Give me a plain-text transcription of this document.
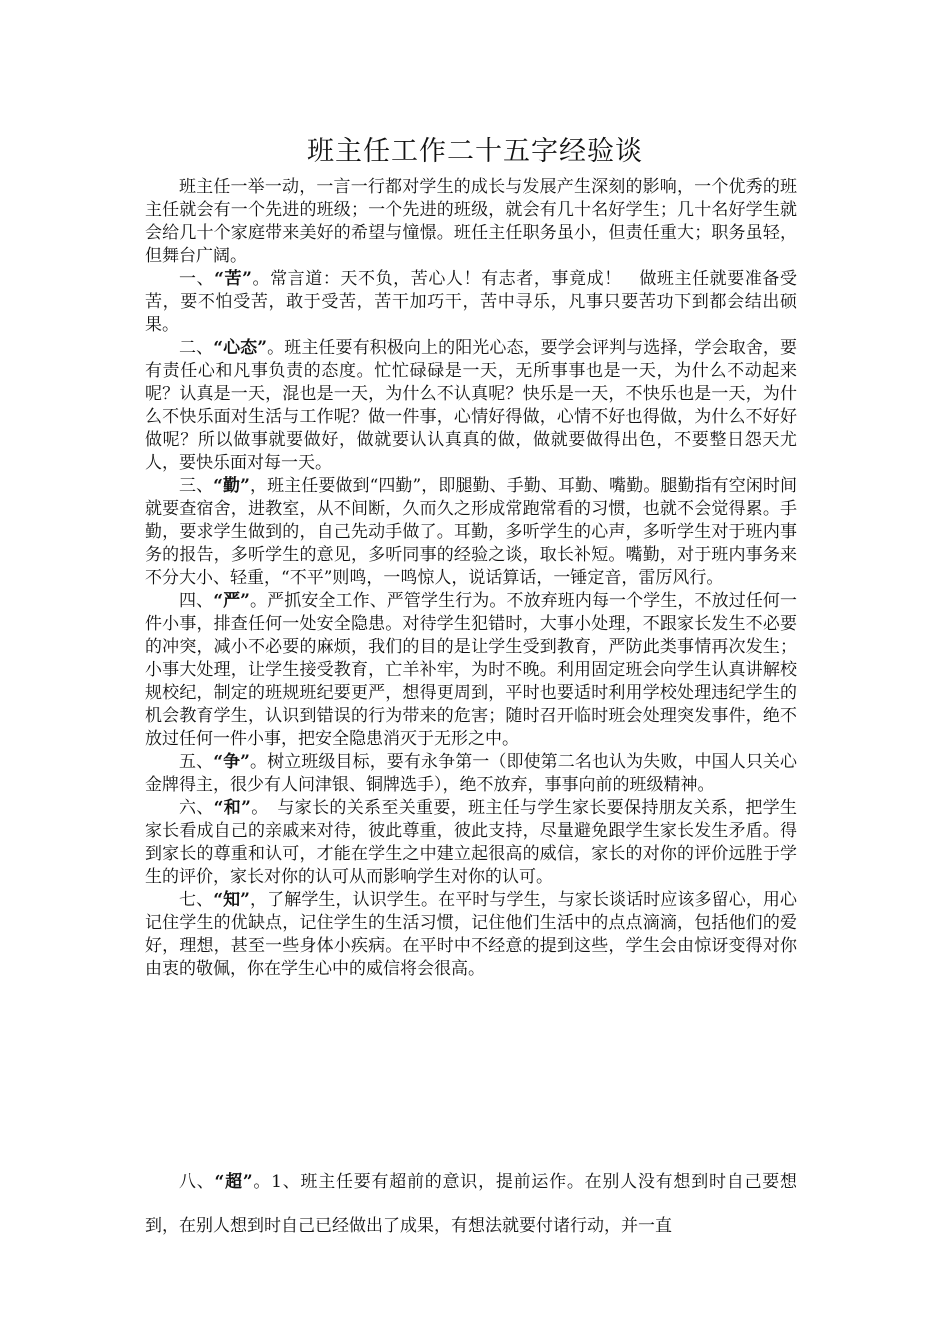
班主任工作二十五字经验谈

班主任一举一动，一言一行都对学生的成长与发展产生深刻的影响，一个优秀的班主任就会有一个先进的班级；一个先进的班级，就会有几十名好学生；几十名好学生就会给几十个家庭带来美好的希望与憧憬。班任主任职务虽小，但责任重大；职务虽轻，但舞台广阔。

一、“苦”。常言道：天不负，苦心人！有志者，事竟成！　做班主任就要准备受苦，要不怕受苦，敢于受苦，苦干加巧干，苦中寻乐，凡事只要苦功下到都会结出硕果。

二、“心态”。班主任要有积极向上的阳光心态，要学会评判与选择，学会取舍，要有责任心和凡事负责的态度。忙忙碌碌是一天，无所事事也是一天，为什么不动起来呢？认真是一天，混也是一天，为什么不认真呢？快乐是一天，不快乐也是一天，为什么不快乐面对生活与工作呢？做一件事，心情好得做，心情不好也得做，为什么不好好做呢？所以做事就要做好，做就要认认真真的做，做就要做得出色，不要整日怨天尤人，要快乐面对每一天。

三、“勤”，班主任要做到“四勤”，即腿勤、手勤、耳勤、嘴勤。腿勤指有空闲时间就要查宿舍，进教室，从不间断，久而久之形成常跑常看的习惯，也就不会觉得累。手勤，要求学生做到的，自己先动手做了。耳勤，多听学生的心声，多听学生对于班内事务的报告，多听学生的意见，多听同事的经验之谈，取长补短。嘴勤，对于班内事务来不分大小、轻重，“不平”则鸣，一鸣惊人，说话算话，一锤定音，雷厉风行。

四、“严”。严抓安全工作、严管学生行为。不放弃班内每一个学生，不放过任何一件小事，排查任何一处安全隐患。对待学生犯错时，大事小处理，不跟家长发生不必要的冲突，减小不必要的麻烦，我们的目的是让学生受到教育，严防此类事情再次发生；小事大处理，让学生接受教育，亡羊补牢，为时不晚。利用固定班会向学生认真讲解校规校纪，制定的班规班纪要更严，想得更周到，平时也要适时利用学校处理违纪学生的机会教育学生，认识到错误的行为带来的危害；随时召开临时班会处理突发事件，绝不放过任何一件小事，把安全隐患消灭于无形之中。

五、“争”。树立班级目标，要有永争第一（即使第二名也认为失败，中国人只关心金牌得主，很少有人问津银、铜牌选手），绝不放弃，事事向前的班级精神。

六、“和”。　与家长的关系至关重要，班主任与学生家长要保持朋友关系，把学生家长看成自己的亲戚来对待，彼此尊重，彼此支持，尽量避免跟学生家长发生矛盾。得到家长的尊重和认可，才能在学生之中建立起很高的威信，家长的对你的评价远胜于学生的评价，家长对你的认可从而影响学生对你的认可。

七、“知”，了解学生，认识学生。在平时与学生，与家长谈话时应该多留心，用心记住学生的优缺点，记住学生的生活习惯，记住他们生活中的点点滴滴，包括他们的爱好，理想，甚至一些身体小疾病。在平时中不经意的提到这些，学生会由惊讶变得对你由衷的敬佩，你在学生心中的威信将会很高。

八、“超”。1、班主任要有超前的意识，提前运作。在别人没有想到时自己要想到，在别人想到时自己已经做出了成果，有想法就要付诸行动，并一直
